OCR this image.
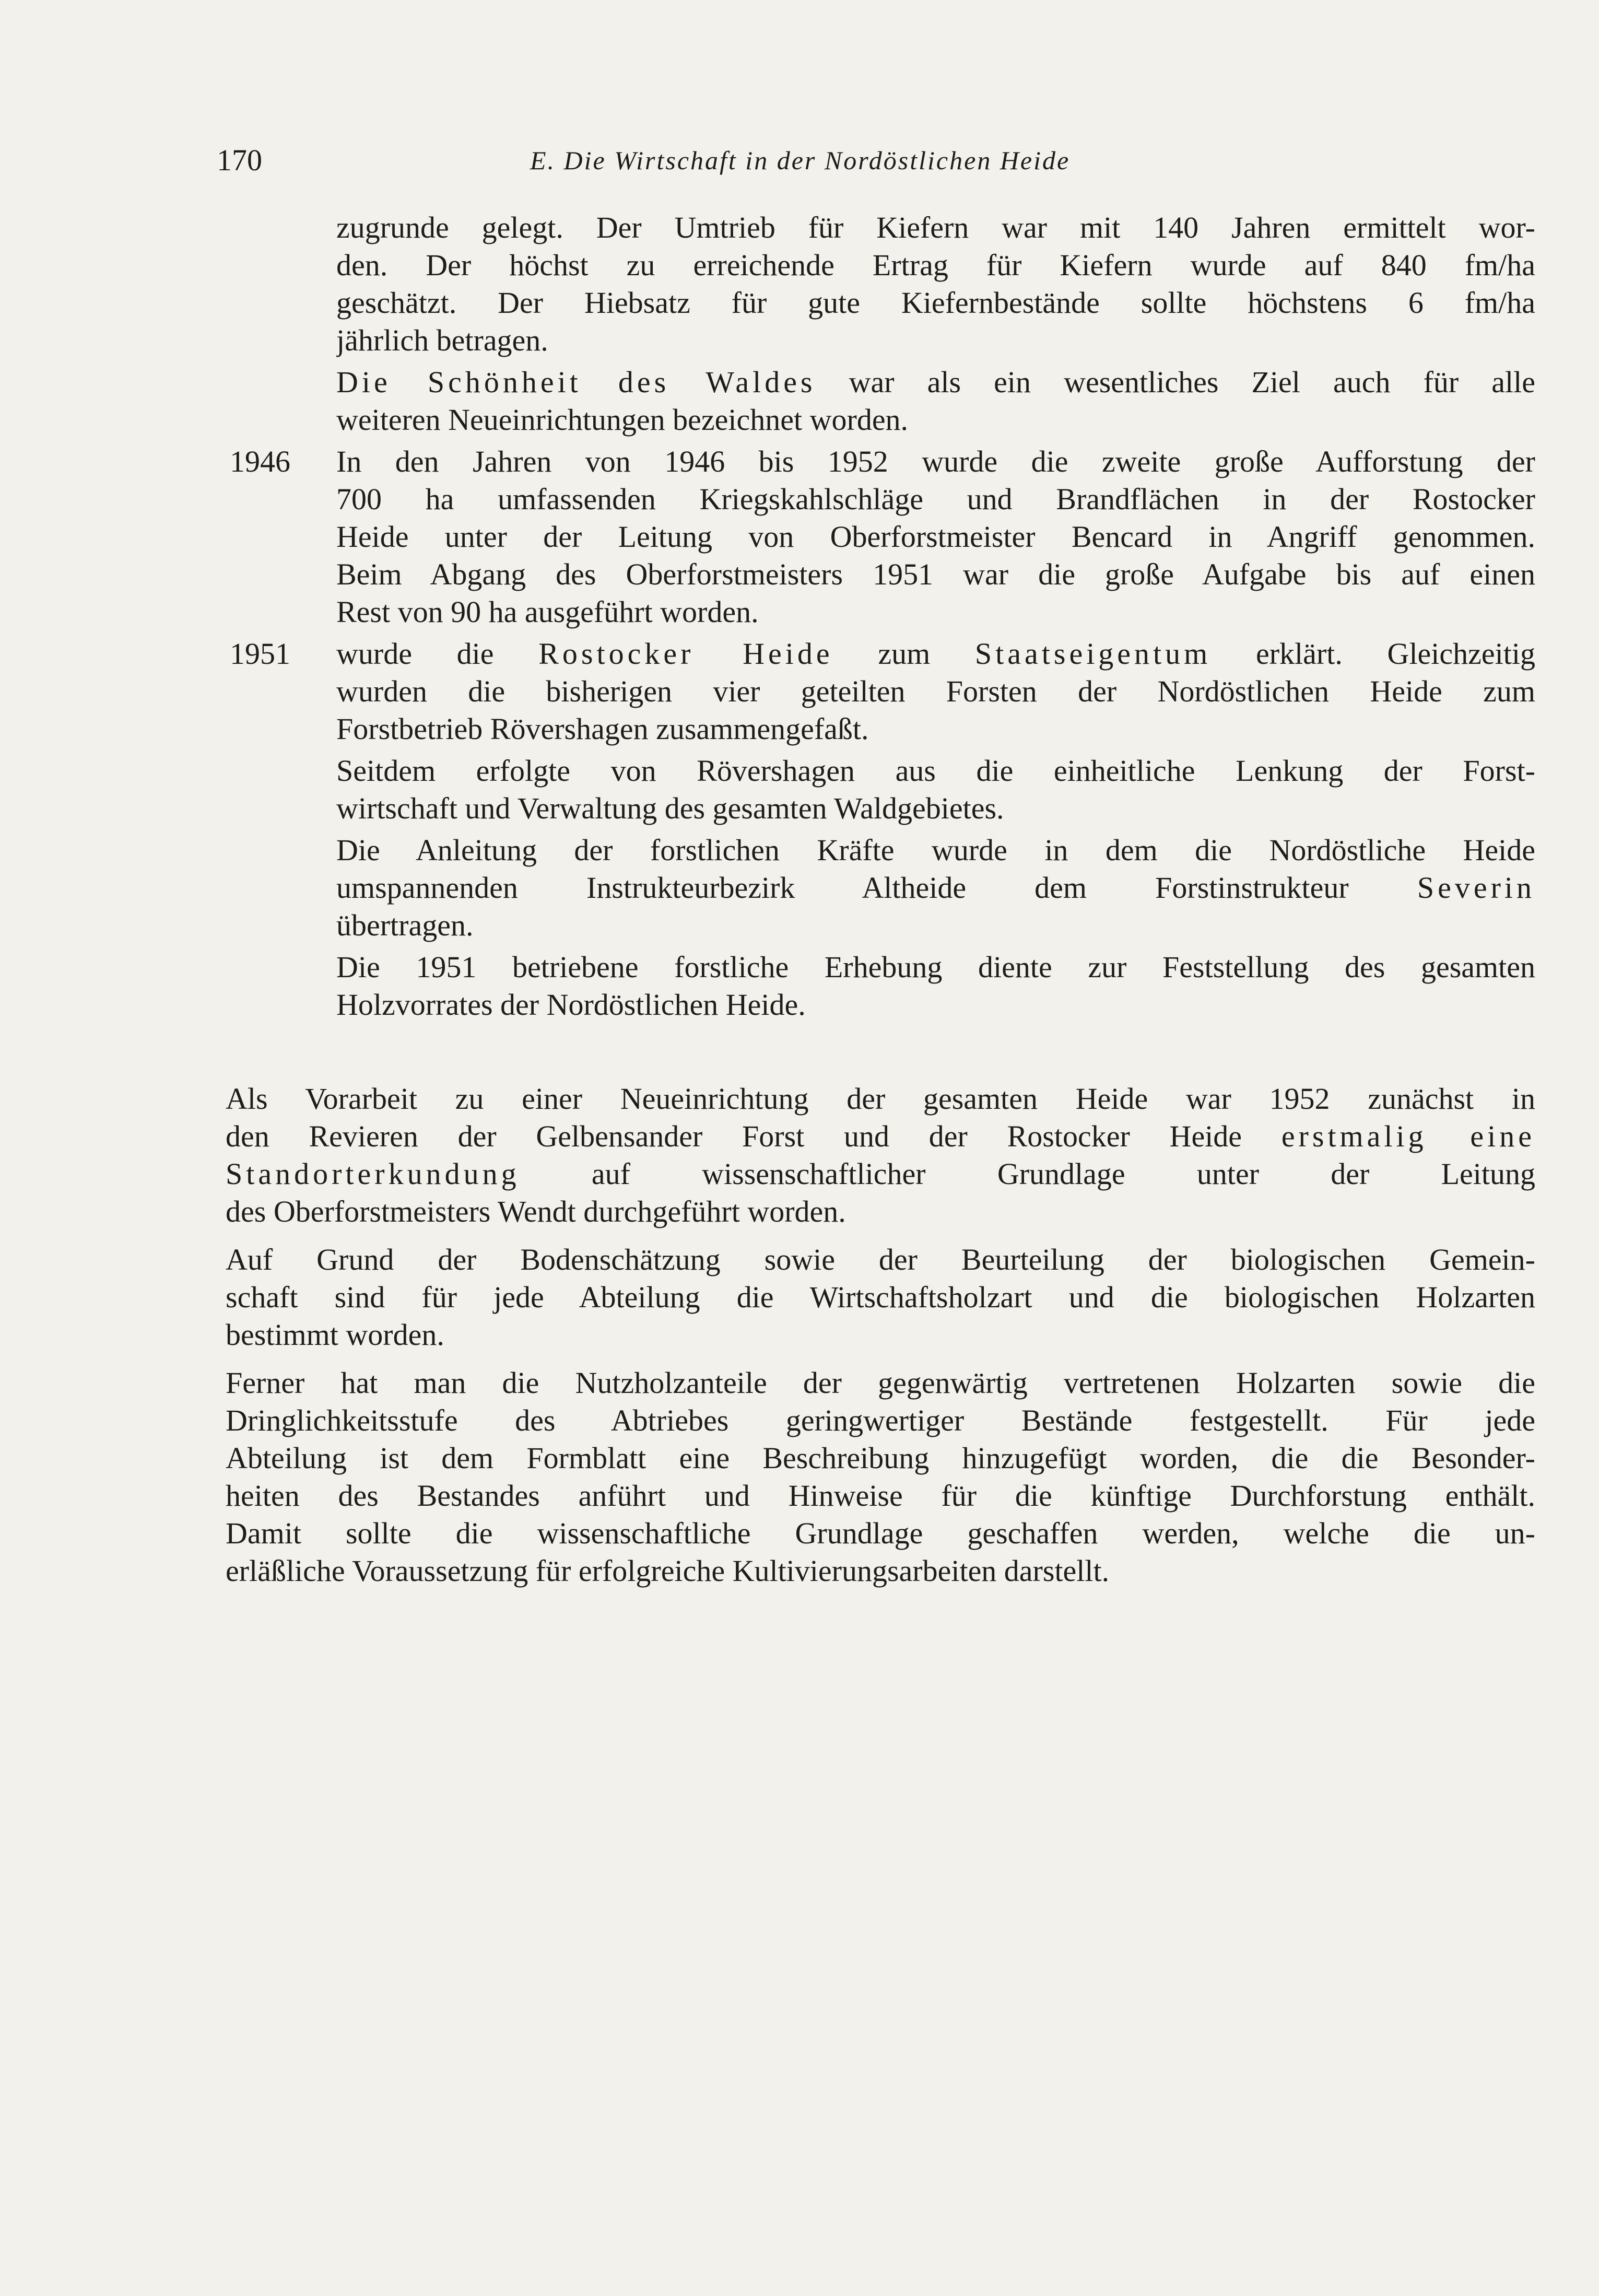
170	E. Die Wirtschaft in der Nordöstlichen Heide
zugrunde gelegt. Der Umtrieb für Kiefern war mit 140 Jahren ermittelt wor-
den. Der höchst zu erreichende Ertrag für Kiefern wurde auf 840 fm/ha
geschätzt. Der Hiebsatz für gute Kiefernbestände sollte höchstens 6 fm/ha
jährlich betragen.
Die Schönheit des Waldes war als ein wesentliches Ziel auch für alle
weiteren Neueinrichtungen bezeichnet worden.
1946 In den Jahren von 1946 bis 1952 wurde die zweite große Aufforstung der
700 ha umfassenden Kriegskahlschläge und Brandflächen in der Rostocker
Heide unter der Leitung von Oberforstmeister Bencard in Angriff genommen.
Beim Abgang des Oberforstmeisters 1951 war die große Aufgabe bis auf einen
Rest von 90 ha ausgeführt worden.
1951 wurde die Rostocker Heide zum Staatseigentum erklärt. Gleichzeitig
wurden die bisherigen vier geteilten Forsten der Nordöstlichen Heide zum
Forstbetrieb Rövershagen zusammengefaßt.
Seitdem erfolgte von Rövershagen aus die einheitliche Lenkung der Forst-
wirtschaft und Verwaltung des gesamten Waldgebietes.
Die Anleitung der forstlichen Kräfte wurde in dem die Nordöstliche Heide
umspannenden Instrukteurbezirk Altheide dem Forstinstrukteur Severin
übertragen.
Die 1951 betriebene forstliche Erhebung diente zur Feststellung des gesamten
Holzvorrates der Nordöstlichen Heide.
Als Vorarbeit zu einer Neueinrichtung der gesamten Heide war 1952 zunächst in
den Revieren der Gelbensander Forst und der Rostocker Heide erstmalig eine
Standorterkundung auf wissenschaftlicher Grundlage unter der Leitung
des Oberforstmeisters Wendt durchgeführt worden.
Auf Grund der Bodenschätzung sowie der Beurteilung der biologischen Gemein-
schaft sind für jede Abteilung die Wirtschaftsholzart und die biologischen Holzarten
bestimmt worden.
Ferner hat man die Nutzholzanteile der gegenwärtig vertretenen Holzarten sowie die
Dringlichkeitsstufe des Abtriebes geringwertiger Bestände festgestellt. Für jede
Abteilung ist dem Formblatt eine Beschreibung hinzugefügt worden, die die Besonder-
heiten des Bestandes anführt und Hinweise für die künftige Durchforstung enthält.
Damit sollte die wissenschaftliche Grundlage geschaffen werden, welche die un-
erläßliche Voraussetzung für erfolgreiche Kultivierungsarbeiten darstellt.
